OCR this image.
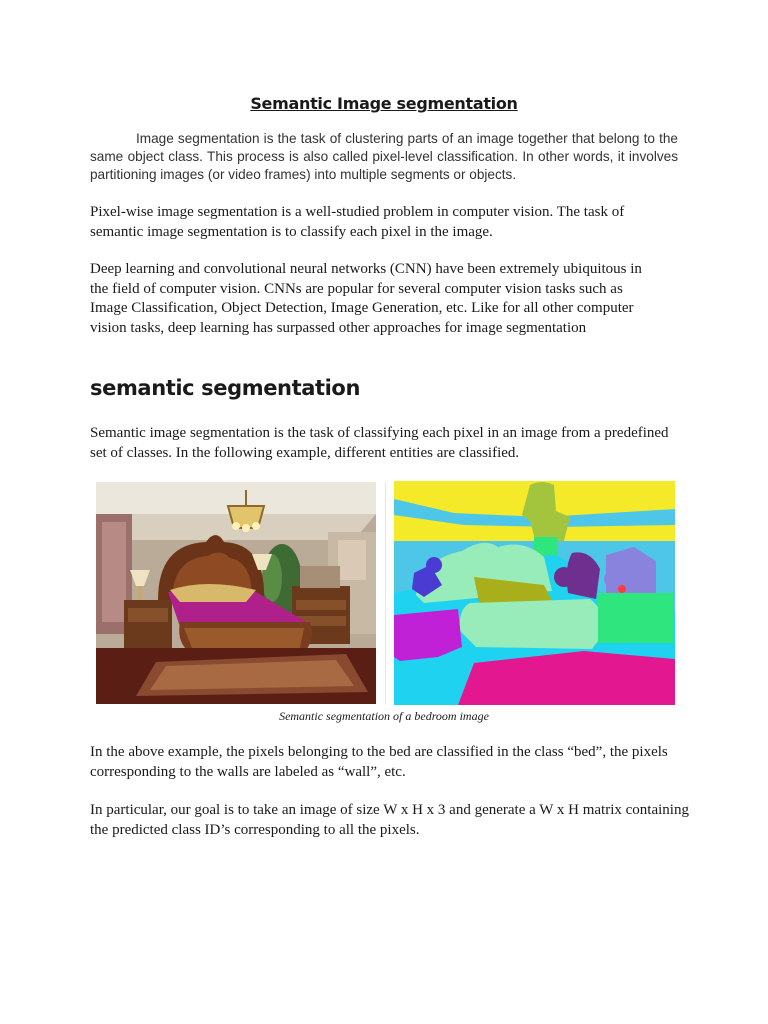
Semantic Image segmentation

Image segmentation is the task of clustering parts of an image together that belong to the same object class. This process is also called pixel-level classification. In other words, it involves partitioning images (or video frames) into multiple segments or objects.

Pixel-wise image segmentation is a well-studied problem in computer vision. The task of semantic image segmentation is to classify each pixel in the image.

Deep learning and convolutional neural networks (CNN) have been extremely ubiquitous in the field of computer vision. CNNs are popular for several computer vision tasks such as Image Classification, Object Detection, Image Generation, etc. Like for all other computer vision tasks, deep learning has surpassed other approaches for image segmentation

semantic segmentation

Semantic image segmentation is the task of classifying each pixel in an image from a predefined set of classes. In the following example, different entities are classified.

Semantic segmentation of a bedroom image

In the above example, the pixels belonging to the bed are classified in the class “bed”, the pixels corresponding to the walls are labeled as “wall”, etc.

In particular, our goal is to take an image of size W x H x 3 and generate a W x H matrix containing the predicted class ID’s corresponding to all the pixels.
